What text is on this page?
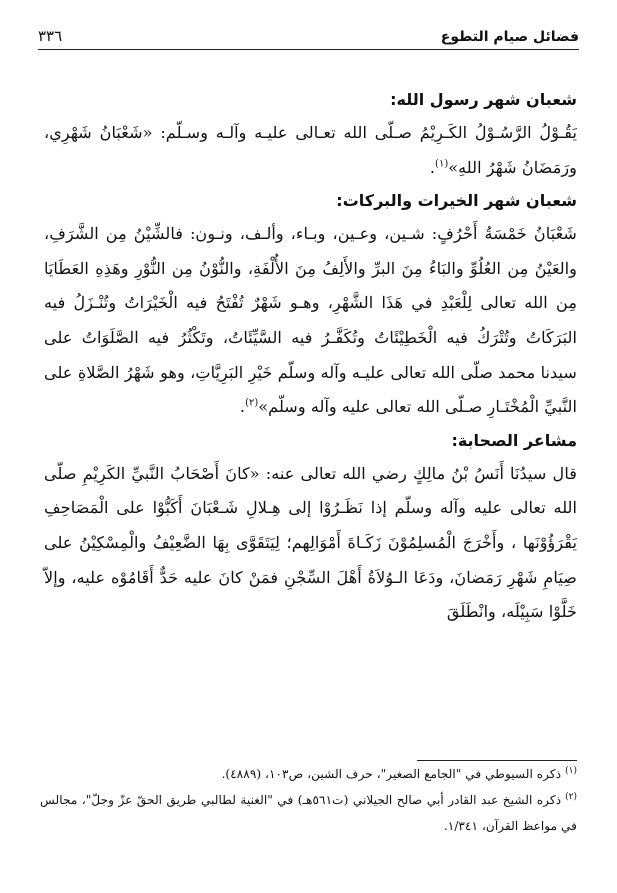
فضائل صيام التطوع
٣٣٦
شعبان شهر رسول الله:

يَقُـوْلُ الرَّسُـوْلُ الكَـرِيْمُ صـلّى الله تعـالى عليـه وآلـه وسـلّم: «شَعْبَانُ شَهْرِي، ورَمَضَانُ شَهْرُ اللهِ»$^{(١)}$.

شعبان شهر الخيرات والبركات:

شَعْبَانُ خَمْسَةُ أَحْرُفٍ: شـين، وعـين، وبـاء، وألـف، ونـون: فالشِّيْنُ مِن الشَّرَفِ، والعَيْنُ مِن العُلُوِّ والبَاءُ مِنَ البرِّ والأَلِفُ مِنَ الأُلْفَةِ، والنُّوْنُ مِن النُّوْرِ وهَذِهِ العَطَايَا مِن الله تعالى لِلْعَبْدِ في هَذَا الشَّهْرِ، وهـو شَهْرٌ تُفْتَحُ فيه الْخَيْرَاتُ وتُنْـزَلُ فيه البَرَكَاتُ وتُتْرَكُ فيه الْخَطِيْئَاتُ وتُكَفَّـرُ فيه السَّيِّئَاتُ، وتَكْثُرُ فيه الصَّلَوَاتُ على سيدنا محمد صلّى الله تعالى عليـه وآله وسلّم خَيْرِ البَرِيَّاتِ، وهو شَهْرُ الصَّلاةِ على النَّبيِّ الْمُخْتَـارِ صـلّى الله تعالى عليه وآله وسلّم»$^{(٢)}$.

مشاعر الصحابة:

قال سيدُنَا أَنَسُ بْنُ مالِكٍ رضي الله تعالى عنه: «كانَ أَصْحَابُ النَّبيِّ الكَرِيْمِ صلّى الله تعالى عليه وآله وسلّم إذا نَظَـرُوْا إلى هِـلالِ شَـعْبَانَ أَكَبُّوْا على الْمَصَاحِفِ يَقْرَؤُوْنَها ، وأَخْرَجَ الْمُسلِمُوْنَ زَكَـاةَ أَمْوَالِهم؛ لِيَتَقَوَّى بِهَا الضَّعِيْفُ والْمِسْكِيْنُ على صِيَامِ شَهْرِ رَمَضانَ، ودَعَا الـوُلاَةُ أَهْلَ السِّجْنِ فمَنْ كانَ عليه حَدٌّ أَقَامُوْه عليه، وإلاّ خَلَّوْا سَبِيْلَه، وانْطَلَقَ

$^{(١)}$ذكره السيوطي في "الجامع الصغير"، حرف الشين، ص١٠٣، (٤٨٨٩).

$^{(٢)}$ذكره الشيخ عبد القادر أبي صالح الجيلاني (ت٥٦١هـ) في "الغنية لطالبي طريق الحقّ عزّ وجلّ"، مجالس في مواعظ القرآن، ١/٣٤١.
